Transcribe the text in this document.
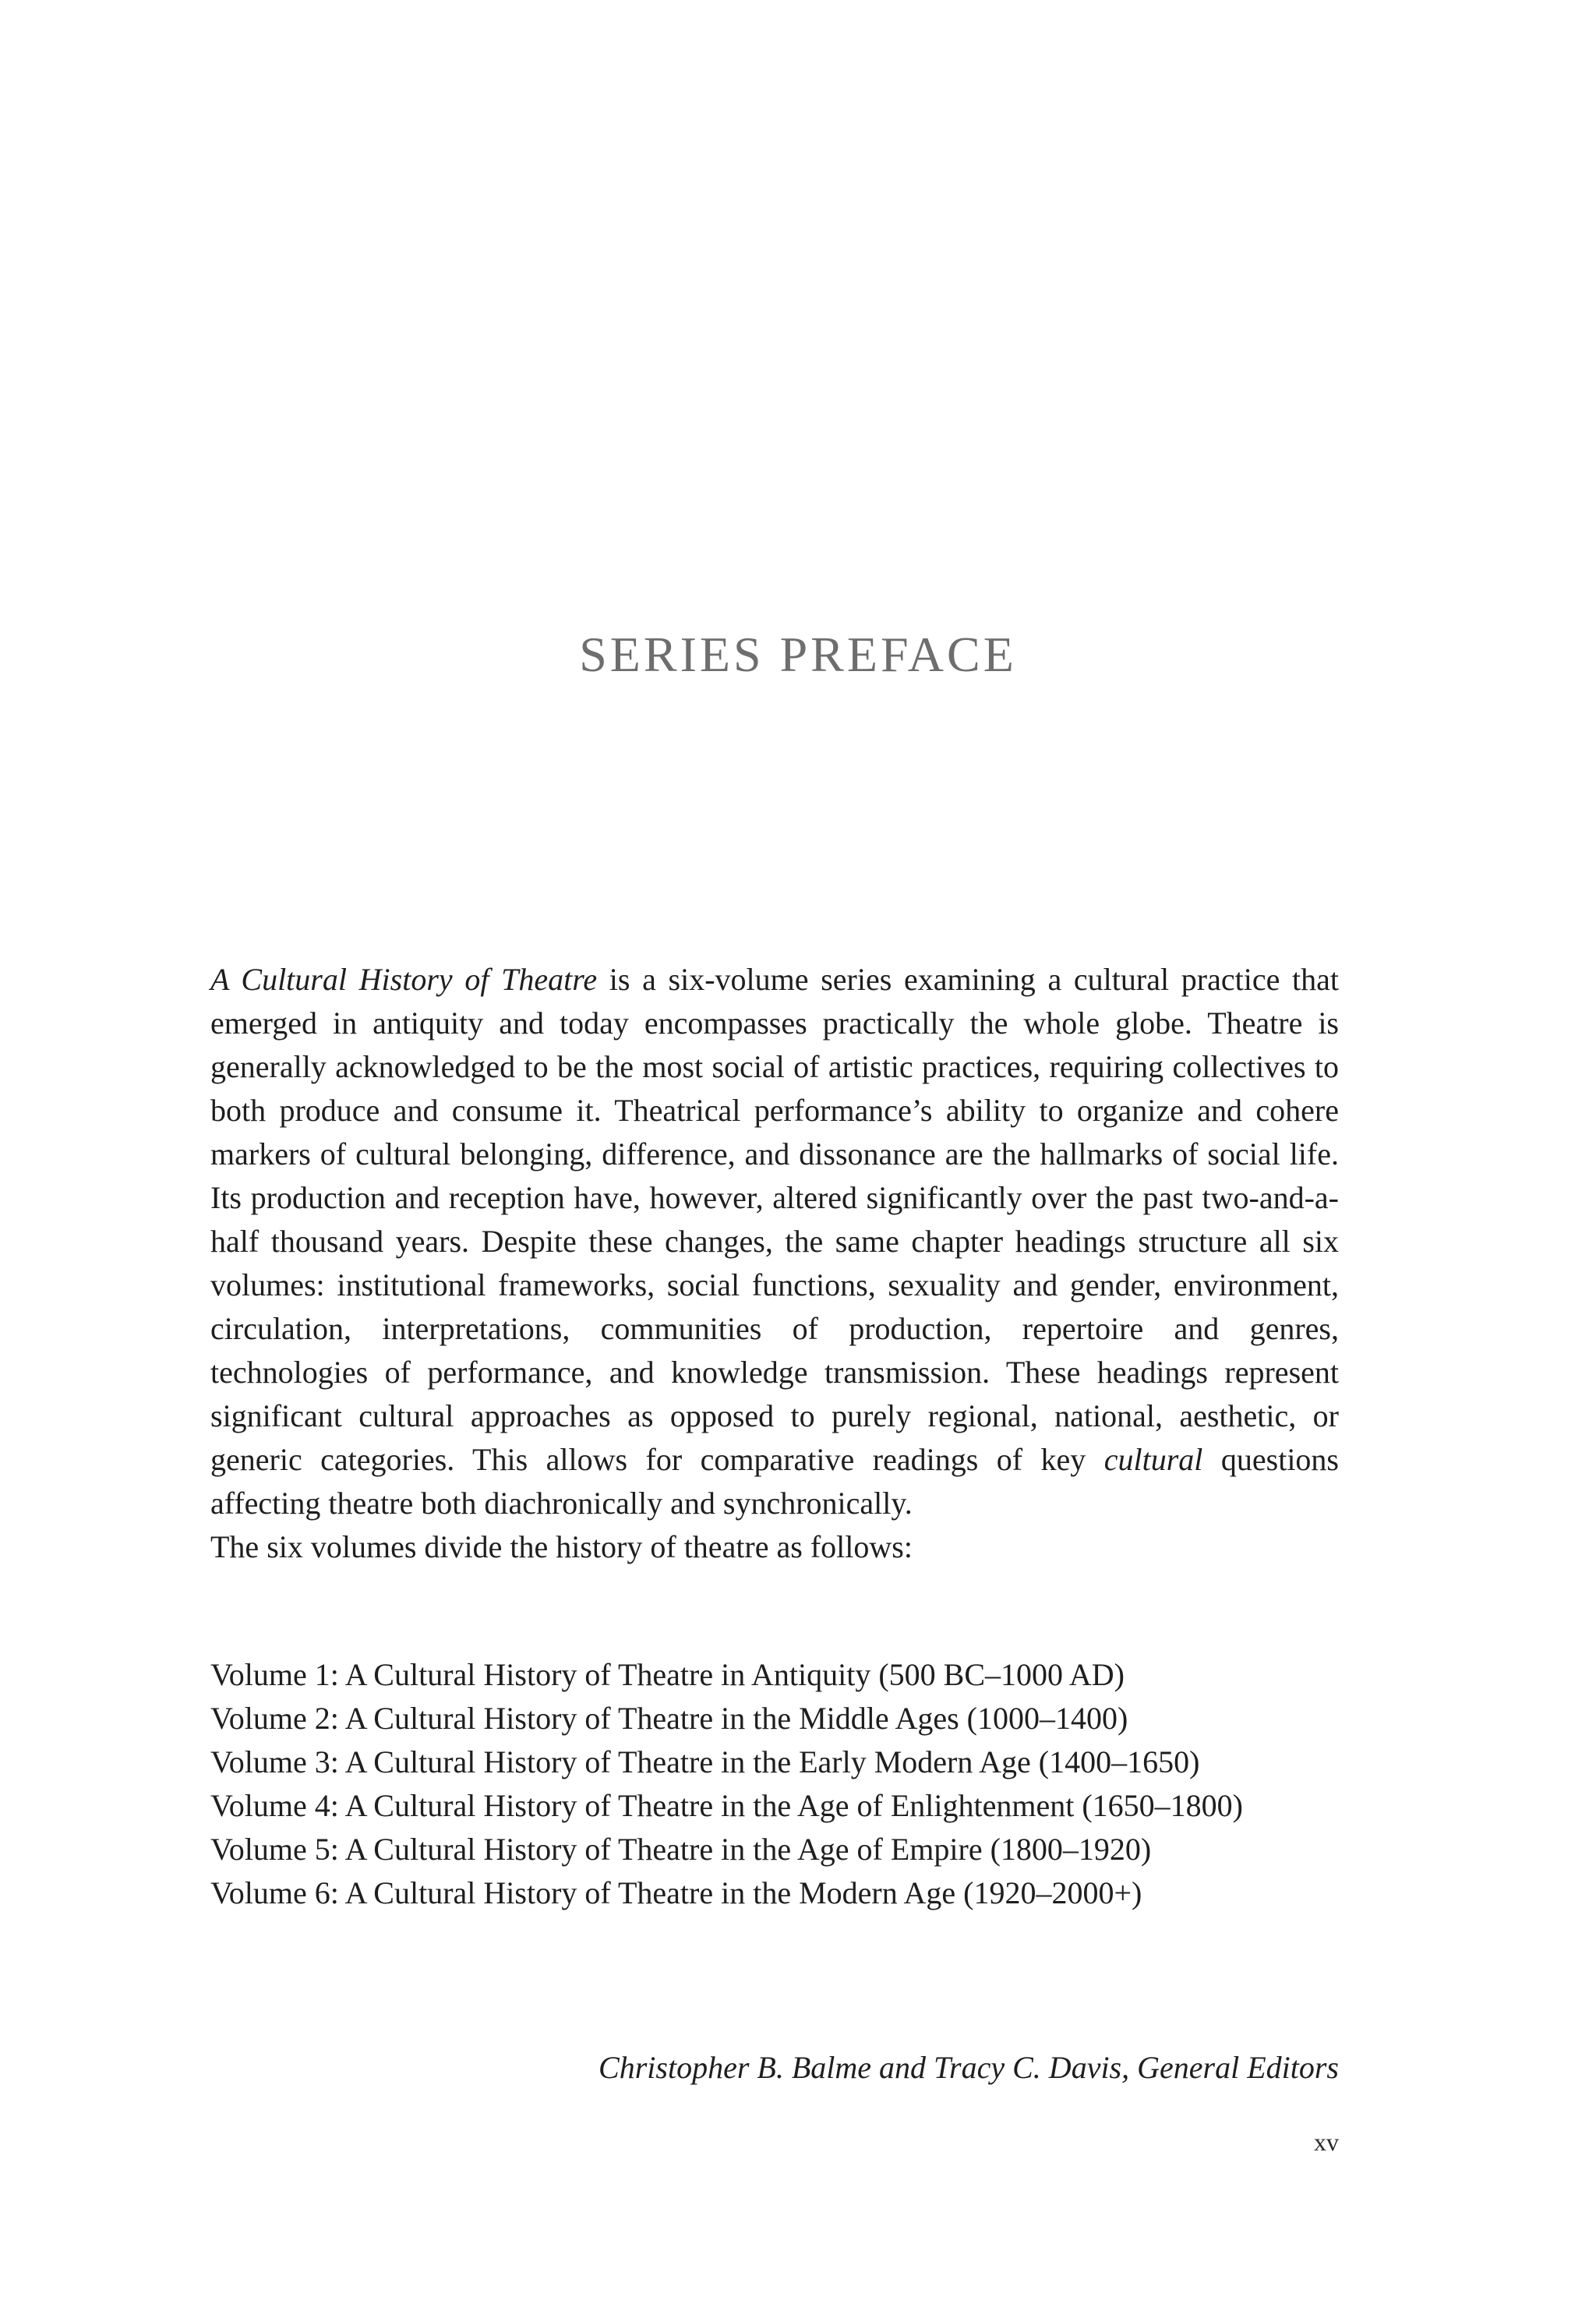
SERIES PREFACE

A Cultural History of Theatre is a six-volume series examining a cultural practice that emerged in antiquity and today encompasses practically the whole globe. Theatre is generally acknowledged to be the most social of artistic practices, requiring collectives to both produce and consume it. Theatrical performance’s ability to organize and cohere markers of cultural belonging, difference, and dissonance are the hallmarks of social life. Its production and reception have, however, altered significantly over the past two-and-a-half thousand years. Despite these changes, the same chapter headings structure all six volumes: institutional frameworks, social functions, sexuality and gender, environment, circulation, interpretations, communities of production, repertoire and genres, technologies of performance, and knowledge transmission. These headings represent significant cultural approaches as opposed to purely regional, national, aesthetic, or generic categories. This allows for comparative readings of key cultural questions affecting theatre both diachronically and synchronically.
The six volumes divide the history of theatre as follows:

Volume 1: A Cultural History of Theatre in Antiquity (500 BC–1000 AD)
Volume 2: A Cultural History of Theatre in the Middle Ages (1000–1400)
Volume 3: A Cultural History of Theatre in the Early Modern Age (1400–1650)
Volume 4: A Cultural History of Theatre in the Age of Enlightenment (1650–1800)
Volume 5: A Cultural History of Theatre in the Age of Empire (1800–1920)
Volume 6: A Cultural History of Theatre in the Modern Age (1920–2000+)

Christopher B. Balme and Tracy C. Davis, General Editors

xv
